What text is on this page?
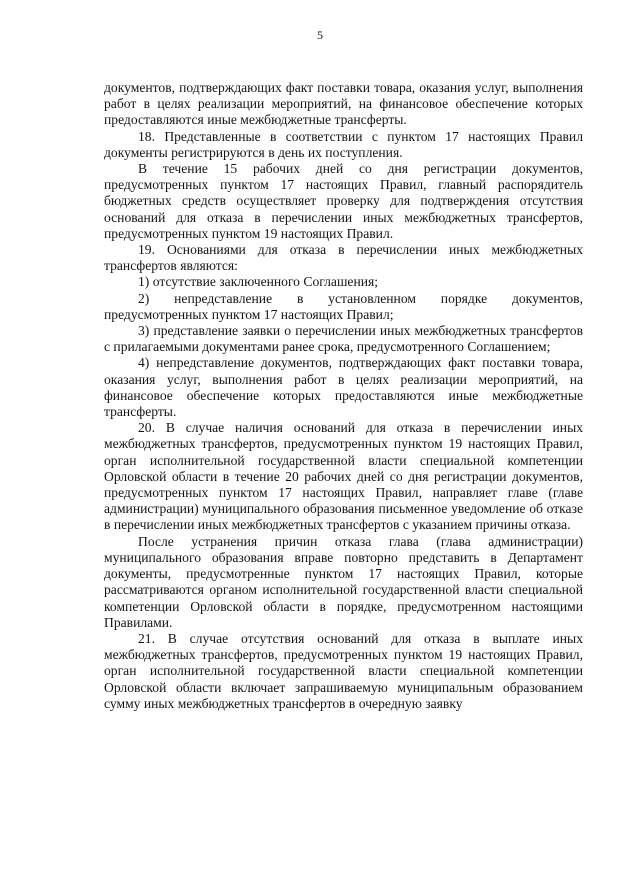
5

документов, подтверждающих факт поставки товара, оказания услуг, выполнения работ в целях реализации мероприятий, на финансовое обеспечение которых предоставляются иные межбюджетные трансферты.

18. Представленные в соответствии с пунктом 17 настоящих Правил документы регистрируются в день их поступления.

В течение 15 рабочих дней со дня регистрации документов, предусмотренных пунктом 17 настоящих Правил, главный распорядитель бюджетных средств осуществляет проверку для подтверждения отсутствия оснований для отказа в перечислении иных межбюджетных трансфертов, предусмотренных пунктом 19 настоящих Правил.

19. Основаниями для отказа в перечислении иных межбюджетных трансфертов являются:

1) отсутствие заключенного Соглашения;

2) непредставление в установленном порядке документов, предусмотренных пунктом 17 настоящих Правил;

3) представление заявки о перечислении иных межбюджетных трансфертов с прилагаемыми документами ранее срока, предусмотренного Соглашением;

4) непредставление документов, подтверждающих факт поставки товара, оказания услуг, выполнения работ в целях реализации мероприятий, на финансовое обеспечение которых предоставляются иные межбюджетные трансферты.

20. В случае наличия оснований для отказа в перечислении иных межбюджетных трансфертов, предусмотренных пунктом 19 настоящих Правил, орган исполнительной государственной власти специальной компетенции Орловской области в течение 20 рабочих дней со дня регистрации документов, предусмотренных пунктом 17 настоящих Правил, направляет главе (главе администрации) муниципального образования письменное уведомление об отказе в перечислении иных межбюджетных трансфертов с указанием причины отказа.

После устранения причин отказа глава (глава администрации) муниципального образования вправе повторно представить в Департамент документы, предусмотренные пунктом 17 настоящих Правил, которые рассматриваются органом исполнительной государственной власти специальной компетенции Орловской области в порядке, предусмотренном настоящими Правилами.

21. В случае отсутствия оснований для отказа в выплате иных межбюджетных трансфертов, предусмотренных пунктом 19 настоящих Правил, орган исполнительной государственной власти специальной компетенции Орловской области включает запрашиваемую муниципальным образованием сумму иных межбюджетных трансфертов в очередную заявку
